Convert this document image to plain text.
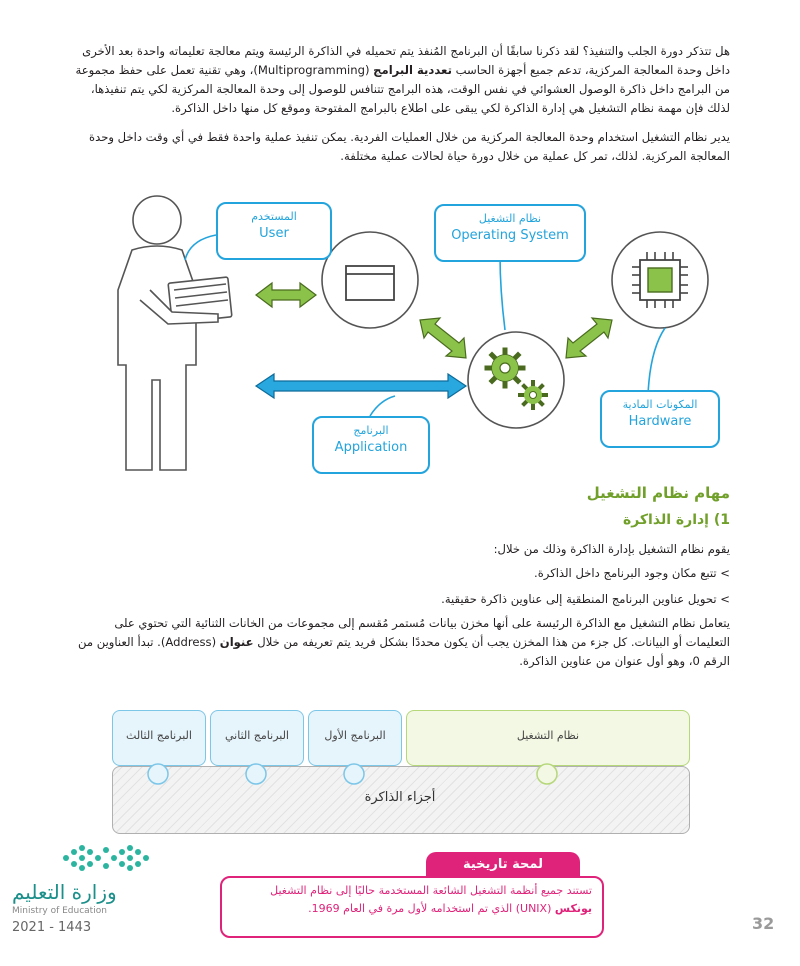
هل تتذكر دورة الجلب والتنفيذ؟ لقد ذكرنا سابقًا أن البرنامج المُنفذ يتم تحميله في الذاكرة الرئيسة ويتم معالجة تعليماته واحدة بعد الأخرى داخل وحدة المعالجة المركزية، تدعم جميع أجهزة الحاسب تعددية البرامج (Multiprogramming)، وهي تقنية تعمل على حفظ مجموعة من البرامج داخل ذاكرة الوصول العشوائي في نفس الوقت، هذه البرامج تتنافس للوصول إلى وحدة المعالجة المركزية لكي يتم تنفيذها، لذلك فإن مهمة نظام التشغيل هي إدارة الذاكرة لكي يبقى على اطلاع بالبرامج المفتوحة وموقع كل منها داخل الذاكرة.
يدير نظام التشغيل استخدام وحدة المعالجة المركزية من خلال العمليات الفردية. يمكن تنفيذ عملية واحدة فقط في أي وقت داخل وحدة المعالجة المركزية. لذلك، تمر كل عملية من خلال دورة حياة لحالات عملية مختلفة.
المستخدم
User
نظام التشغيل
Operating System
البرنامج
Application
المكونات المادية
Hardware
مهام نظام التشغيل
1) إدارة الذاكرة
يقوم نظام التشغيل بإدارة الذاكرة وذلك من خلال:
> تتبع مكان وجود البرنامج داخل الذاكرة.
> تحويل عناوين البرنامج المنطقية إلى عناوين ذاكرة حقيقية.
يتعامل نظام التشغيل مع الذاكرة الرئيسة على أنها مخزن بيانات مُستمر مُقسم إلى مجموعات من الخانات الثنائية التي تحتوي على التعليمات أو البيانات. كل جزء من هذا المخزن يجب أن يكون محددًا بشكل فريد يتم تعريفه من خلال عنوان (Address). تبدأ العناوين من الرقم 0، وهو أول عنوان من عناوين الذاكرة.
أجزاء الذاكرة
البرنامج الثالث	البرنامج الثاني	البرنامج الأول	نظام التشغيل
وزارة التعليم
Ministry of Education
2021 - 1443
لمحة تاريخية
تستند جميع أنظمة التشغيل الشائعة المستخدمة حاليًا إلى نظام التشغيل يونكس (UNIX) الذي تم استخدامه لأول مرة في العام 1969.
32
